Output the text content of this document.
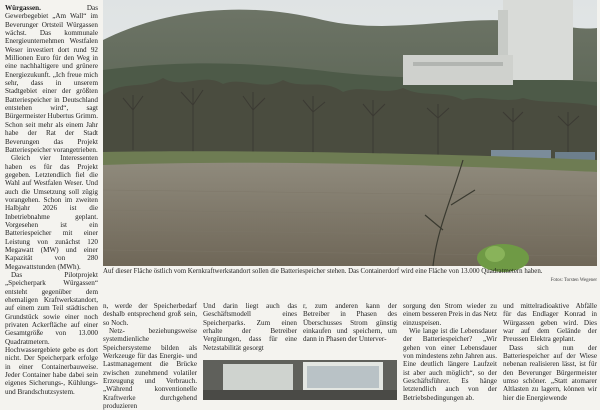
Würgassen. Das Gewerbegebiet „Am Wall“ im Beverunger Ortsteil Würgassen wächst. Das kommunale Energieunternehmen Westfalen Weser investiert dort rund 92 Millionen Euro für den Weg in eine nachhaltigere und grünere Energiezukunft. „Ich freue mich sehr, dass in unserem Stadtgebiet einer der größten Batteriespeicher in Deutschland entstehen wird“, sagt Bürgermeister Hubertus Grimm. Schon seit mehr als einem Jahr habe der Rat der Stadt Beverungen das Projekt Batteriespeicher vorangetrieben.

Gleich vier Interessenten haben es für das Projekt gegeben. Letztendlich fiel die Wahl auf Westfalen Weser. Und auch die Umsetzung soll zügig vorangehen. Schon im zweiten Halbjahr 2026 ist die Inbetriebnahme geplant. Vorgesehen ist ein Batteriespeicher mit einer Leistung von zunächst 120 Megawatt (MW) und einer Kapazität von 280 Megawattstunden (MWh).

Das Pilotprojekt „Speicherpark Würgassen“ entsteht gegenüber dem ehemaligen Kraftwerkstandort, auf einem zum Teil städtischen Grundstück sowie einer noch privaten Ackerfläche auf einer Gesamtgröße von 13.000 Quadratmetern. Hochwassergebiete gebe es dort nicht. Der Speicherpark erfolge in einer Containerbauweise. Jeder Container habe dabei sein eigenes Sicherungs-, Kühlungs- und Brandschutzsystem.

Auf dieser Fläche östlich vom Kernkraftwerkstandort sollen die Batteriespeicher stehen. Das Containerdorf wird eine Fläche von 13.000 Quadratmetern haben.
Fotos: Torsten Wegener

n, werde der Speicherbedarf deshalb entsprechend groß sein, so Noch.

Netz- beziehungsweise systemdienliche Speichersysteme bilden als Werkzeuge für das Energie- und Lastmanagement die Brücke zwischen zunehmend volatiler Erzeugung und Verbrauch. „Während konventionelle Kraftwerke durchgehend produzieren

Und darin liegt auch das Geschäftsmodell eines Speicherparks. Zum einen erhalte der Betreiber Vergütungen, dass für eine Netzstabilität gesorgt

r, zum anderen kann der Betreiber in Phasen des Überschusses Strom günstig einkaufen und speichern, um dann in Phasen der Unterver-

sorgung den Strom wieder zu einem besseren Preis in das Netz einzuspeisen.

Wie lange ist die Lebensdauer der Batteriespeicher? „Wir gehen von einer Lebensdauer von mindestens zehn Jahren aus. Eine deutlich längere Laufzeit ist aber auch möglich“, so der Geschäftsführer. Es hänge letztendlich auch von der Betriebsbedingungen ab.

und mittelradioaktive Abfälle für das Endlager Konrad in Würgassen geben wird. Dies war auf dem Gelände der Preussen Elektra geplant.

Dass sich nun der Batteriespeicher auf der Wiese nebenan realisieren lässt, ist für den Beverunger Bürgermeister umso schöner. „Statt atomarer Altlasten zu lagern, können wir hier die Energiewende
